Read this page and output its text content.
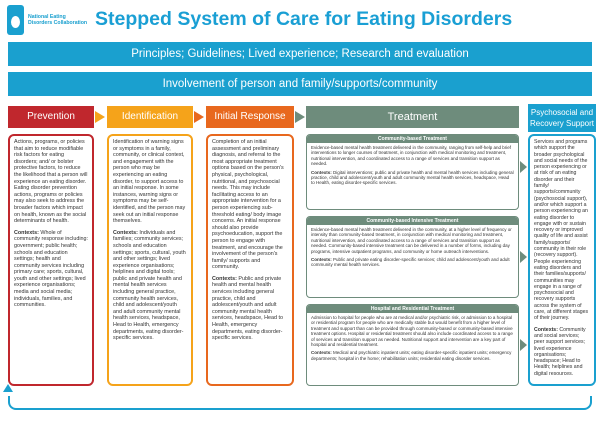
National Eating Disorders Collaboration Stepped System of Care for Eating Disorders
Principles; Guidelines; Lived experience; Research and evaluation
Involvement of person and family/supports/community
Prevention	Identification	Initial Response	Treatment	Psychosocial and Recovery Support

Actions, programs, or policies that aim to reduce modifiable risk factors for eating disorders; and/ or bolster protective factors, to reduce the likelihood that a person will experience an eating disorder. Eating disorder prevention actions, programs or policies may also seek to address the broader factors which impact on health, known as the social determinants of health.

Contexts: Whole of community response including: government; public health; schools and education settings; health and community services including primary care; sports, cultural, youth and other settings; lived experience organisations; media and social media; individuals, families, and communities.

Identification of warning signs or symptoms in a family, community, or clinical context, and engagement with the person who may be experiencing an eating disorder, to support access to an initial response. In some instances, warning signs or symptoms may be self-identified, and the person may seek out an initial response themselves.

Contexts: Individuals and families; community services; schools and education settings; sports, cultural, youth and other settings; lived experience organisations; helplines and digital tools; public and private health and mental health services including general practice, community health services, child and adolescent/youth and adult community mental health services, headspace, Head to Health, emergency departments, eating disorder-specific services.

Completion of an initial assessment and preliminary diagnosis, and referral to the most appropriate treatment options based on the person's physical, psychological, nutritional, and psychosocial needs. This may include facilitating access to an appropriate intervention for a person experiencing sub-threshold eating/ body image concerns. An initial response should also provide psychoeducation, support the person to engage with treatment, and encourage the involvement of the person's family/ supports and community.

Contexts: Public and private health and mental health services including general practice, child and adolescent/youth and adult community mental health services, headspace, Head to Health, emergency departments, eating disorder-specific services.

Community-based Treatment

Evidence-based mental health treatment delivered in the community, ranging from self-help and brief interventions to longer courses of treatment, in conjunction with medical monitoring and treatment, nutritional intervention, and coordinated access to a range of services and transition support as needed.

Contexts: Digital interventions; public and private health and mental health services including general practice, child and adolescent/youth and adult community mental health services, headspace, Head to Health, eating disorder-specific services.

Community-based Intensive Treatment

Evidence-based mental health treatment delivered in the community, at a higher level of frequency or intensity than community-based treatment, in conjunction with medical monitoring and treatment, nutritional intervention, and coordinated access to a range of services and transition support as needed. Community-based intensive treatment can be delivered in a number of forms, including day programs, intensive outpatient programs, and community or home outreach interventions.

Contexts: Public and private eating disorder-specific services; child and adolescent/youth and adult community mental health services.

Hospital and Residential Treatment

Admission to hospital for people who are at medical and/or psychiatric risk, or admission to a hospital or residential program for people who are medically stable but would benefit from a higher level of treatment and support than can be provided through community-based or community-based intensive treatment options. Hospital or residential treatment should also include coordinated access to a range of services and transition support as needed. Nutritional support and intervention are a key part of hospital and residential treatment.

Contexts: Medical and psychiatric inpatient units; eating disorder-specific inpatient units; emergency departments; hospital in the home; rehabilitation units; residential eating disorder services.

Services and programs which support the broader psychological and social needs of the person experiencing or at risk of an eating disorder and their family/ supports/community (psychosocial support), and/or which support a person experiencing an eating disorder to engage with or sustain recovery or improved quality of life and assist family/supports/ community in their role (recovery support). People experiencing eating disorders and their families/supports/ communities may engage in a range of psychosocial and recovery supports across the system of care, at different stages of their journey.

Contexts: Community and social services; peer support services; lived experience organisations; headspace; Head to Health; helplines and digital resources.
